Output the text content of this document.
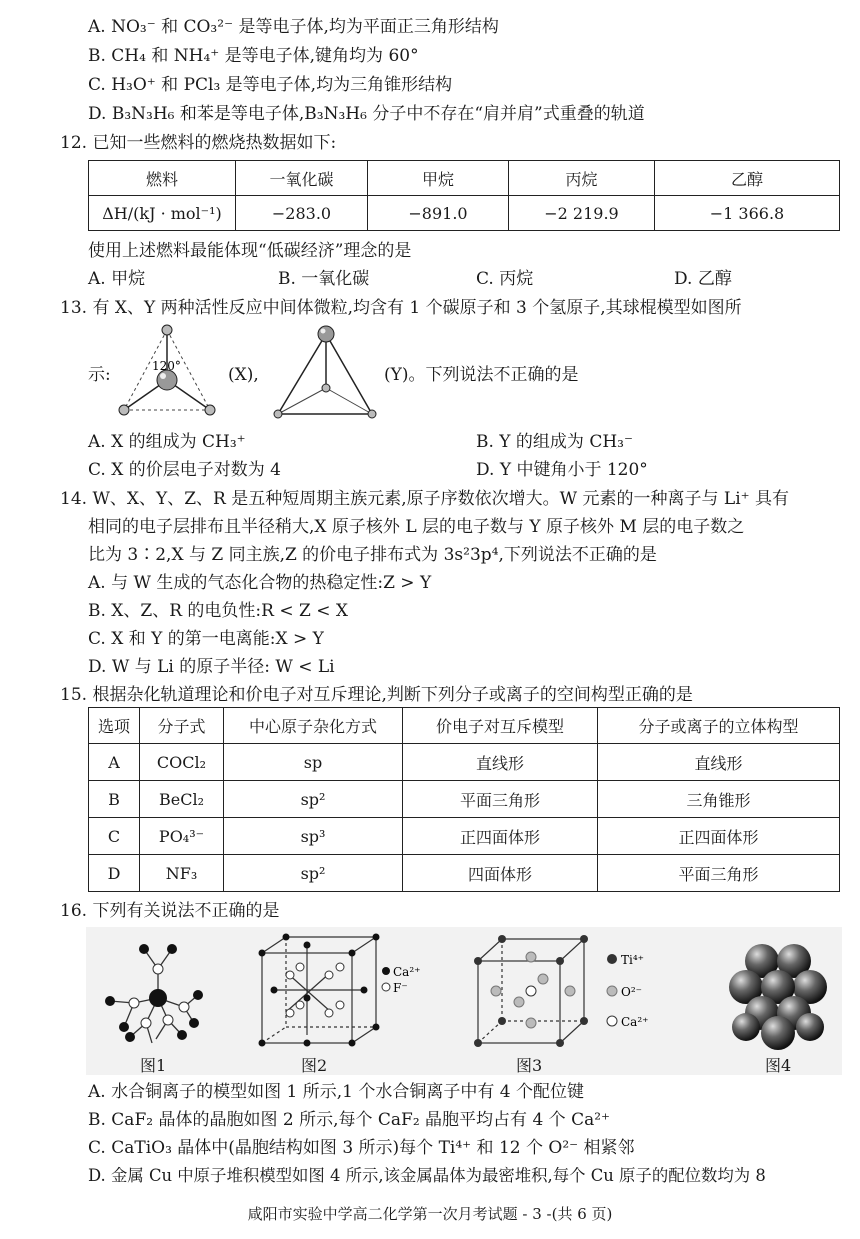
A. NO₃⁻ 和 CO₃²⁻ 是等电子体,均为平面正三角形结构
B. CH₄ 和 NH₄⁺ 是等电子体,键角均为 60°
C. H₃O⁺ 和 PCl₃ 是等电子体,均为三角锥形结构
D. B₃N₃H₆ 和苯是等电子体,B₃N₃H₆ 分子中不存在“肩并肩”式重叠的轨道
12. 已知一些燃料的燃烧热数据如下:
燃料	一氧化碳	甲烷	丙烷	乙醇
ΔH/(kJ · mol⁻¹)	−283.0	−891.0	−2 219.9	−1 366.8
使用上述燃料最能体现“低碳经济”理念的是
A. 甲烷	B. 一氧化碳	C. 丙烷	D. 乙醇
13. 有 X、Y 两种活性反应中间体微粒,均含有 1 个碳原子和 3 个氢原子,其球棍模型如图所
示:	120°	(X),	(Y)。下列说法不正确的是
A. X 的组成为 CH₃⁺	B. Y 的组成为 CH₃⁻
C. X 的价层电子对数为 4	D. Y 中键角小于 120°
14. W、X、Y、Z、R 是五种短周期主族元素,原子序数依次增大。W 元素的一种离子与 Li⁺ 具有
相同的电子层排布且半径稍大,X 原子核外 L 层的电子数与 Y 原子核外 M 层的电子数之
比为 3∶2,X 与 Z 同主族,Z 的价电子排布式为 3s²3p⁴,下列说法不正确的是
A. 与 W 生成的气态化合物的热稳定性:Z > Y
B. X、Z、R 的电负性:R < Z < X
C. X 和 Y 的第一电离能:X > Y
D. W 与 Li 的原子半径: W < Li
15. 根据杂化轨道理论和价电子对互斥理论,判断下列分子或离子的空间构型正确的是
选项	分子式	中心原子杂化方式	价电子对互斥模型	分子或离子的立体构型
A	COCl₂	sp	直线形	直线形
B	BeCl₂	sp²	平面三角形	三角锥形
C	PO₄³⁻	sp³	正四面体形	正四面体形
D	NF₃	sp²	四面体形	平面三角形
16. 下列有关说法不正确的是
Ca²⁺
F⁻
Ti⁴⁺
O²⁻
Ca²⁺
图1	图2	图3	图4
A. 水合铜离子的模型如图 1 所示,1 个水合铜离子中有 4 个配位键
B. CaF₂ 晶体的晶胞如图 2 所示,每个 CaF₂ 晶胞平均占有 4 个 Ca²⁺
C. CaTiO₃ 晶体中(晶胞结构如图 3 所示)每个 Ti⁴⁺ 和 12 个 O²⁻ 相紧邻
D. 金属 Cu 中原子堆积模型如图 4 所示,该金属晶体为最密堆积,每个 Cu 原子的配位数均为 8
咸阳市实验中学高二化学第一次月考试题 - 3 -(共 6 页)
